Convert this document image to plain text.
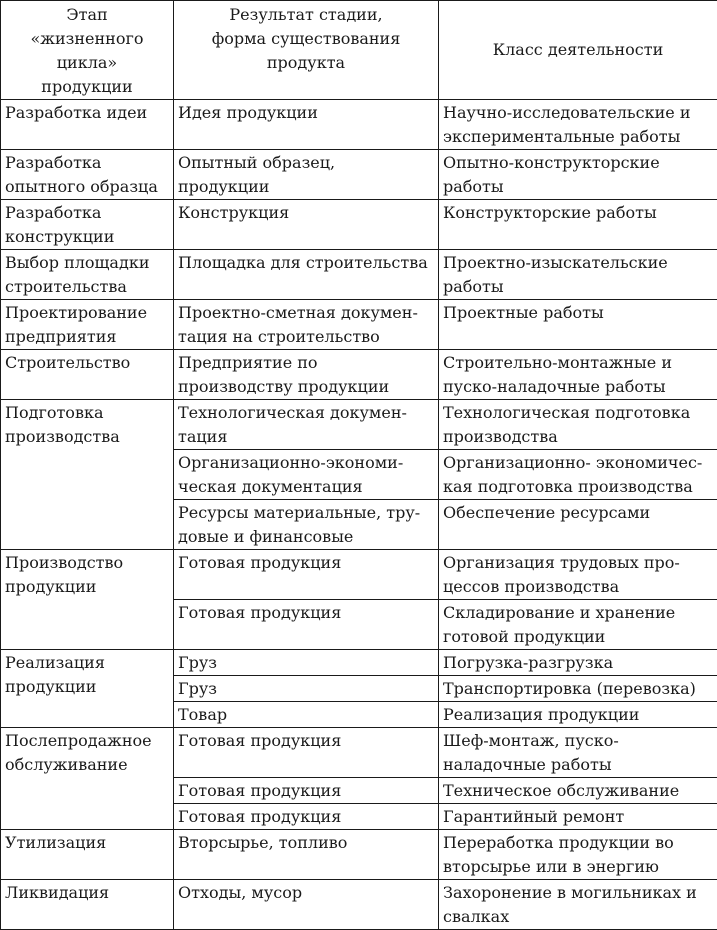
Этап
«жизненного
цикла»
продукции	Результат стадии,
форма существования
продукта	Класс деятельности
Разработка идеи	Идея продукции	Научно-исследовательские и
экспериментальные работы
Разработка
опытного образца	Опытный образец,
продукции	Опытно-конструкторские
работы
Разработка
конструкции	Конструкция	Конструкторские работы
Выбор площадки
строительства	Площадка для строительства	Проектно-изыскательские
работы
Проектирование
предприятия	Проектно-сметная докумен-
тация на строительство	Проектные работы
Строительство	Предприятие по
производству продукции	Строительно-монтажные и
пуско-наладочные работы
Подготовка
производства	Технологическая докумен-
тация	Технологическая подготовка
производства
	Организационно-экономи-
ческая документация	Организационно- экономичес-
кая подготовка производства
	Ресурсы материальные, тру-
довые и финансовые	Обеспечение ресурсами
Производство
продукции	Готовая продукция	Организация трудовых про-
цессов производства
	Готовая продукция	Складирование и хранение
готовой продукции
Реализация
продукции	Груз	Погрузка-разгрузка
	Груз	Транспортировка (перевозка)
	Товар	Реализация продукции
Послепродажное
обслуживание	Готовая продукция	Шеф-монтаж, пуско-
наладочные работы
	Готовая продукция	Техническое обслуживание
	Готовая продукция	Гарантийный ремонт
Утилизация	Вторсырье, топливо	Переработка продукции во
вторсырье или в энергию
Ликвидация	Отходы, мусор	Захоронение в могильниках и
свалках
